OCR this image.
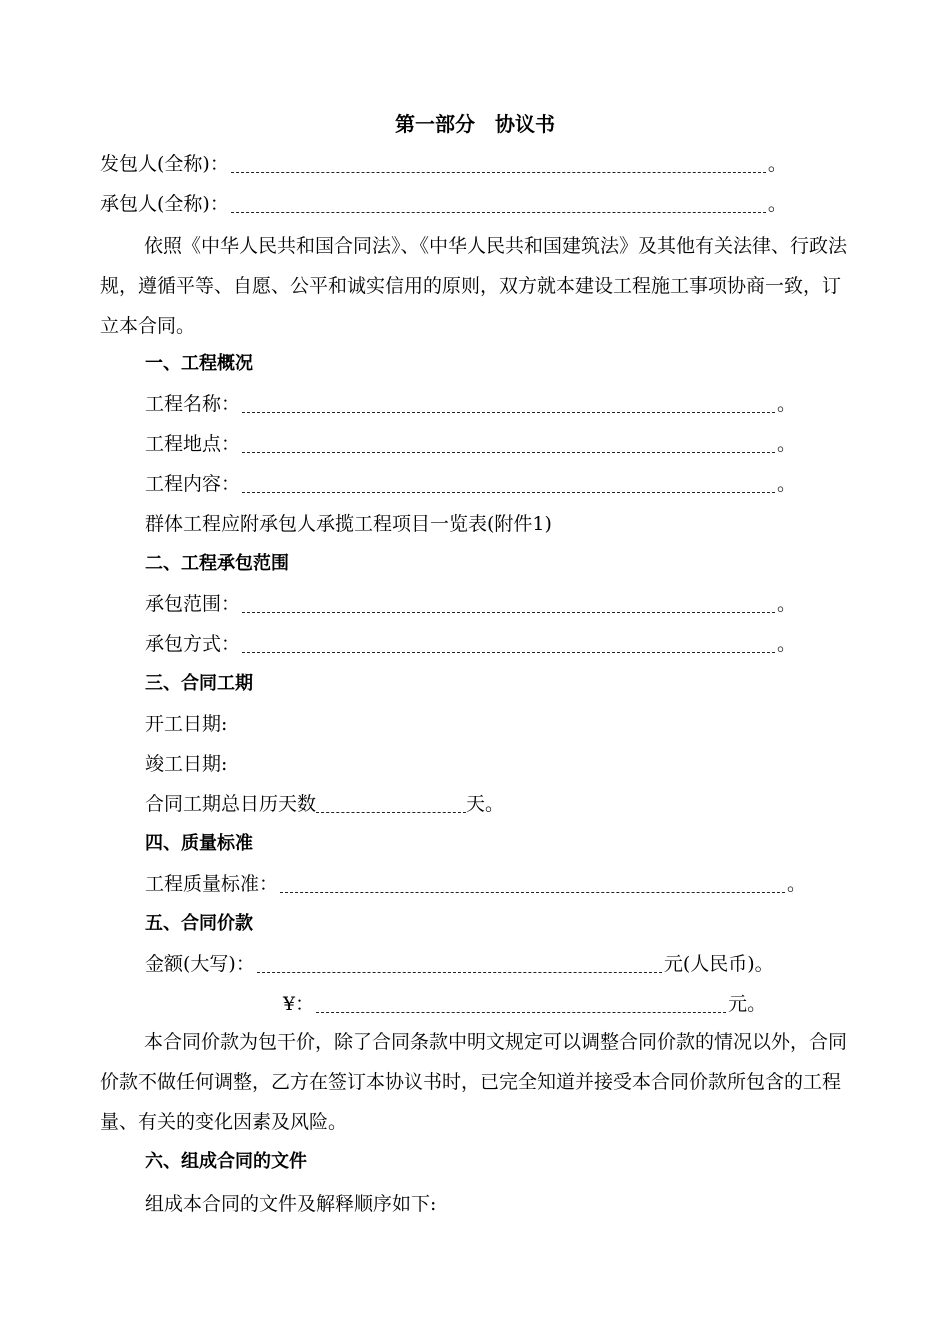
第一部分　协议书
发包人(全称)：	。
承包人(全称)：	。
依照《中华人民共和国合同法》、《中华人民共和国建筑法》及其他有关法律、行政法规，遵循平等、自愿、公平和诚实信用的原则，双方就本建设工程施工事项协商一致，订立本合同。
一、工程概况
工程名称：	。
工程地点：	。
工程内容：	。
群体工程应附承包人承揽工程项目一览表(附件1)
二、工程承包范围
承包范围：	。
承包方式：	。
三、合同工期
开工日期:
竣工日期:
合同工期总日历天数	天。
四、质量标准
工程质量标准：	。
五、合同价款
金额(大写)：	元(人民币)。
¥：	元。
本合同价款为包干价，除了合同条款中明文规定可以调整合同价款的情况以外，合同价款不做任何调整，乙方在签订本协议书时，已完全知道并接受本合同价款所包含的工程量、有关的变化因素及风险。
六、组成合同的文件
组成本合同的文件及解释顺序如下:
